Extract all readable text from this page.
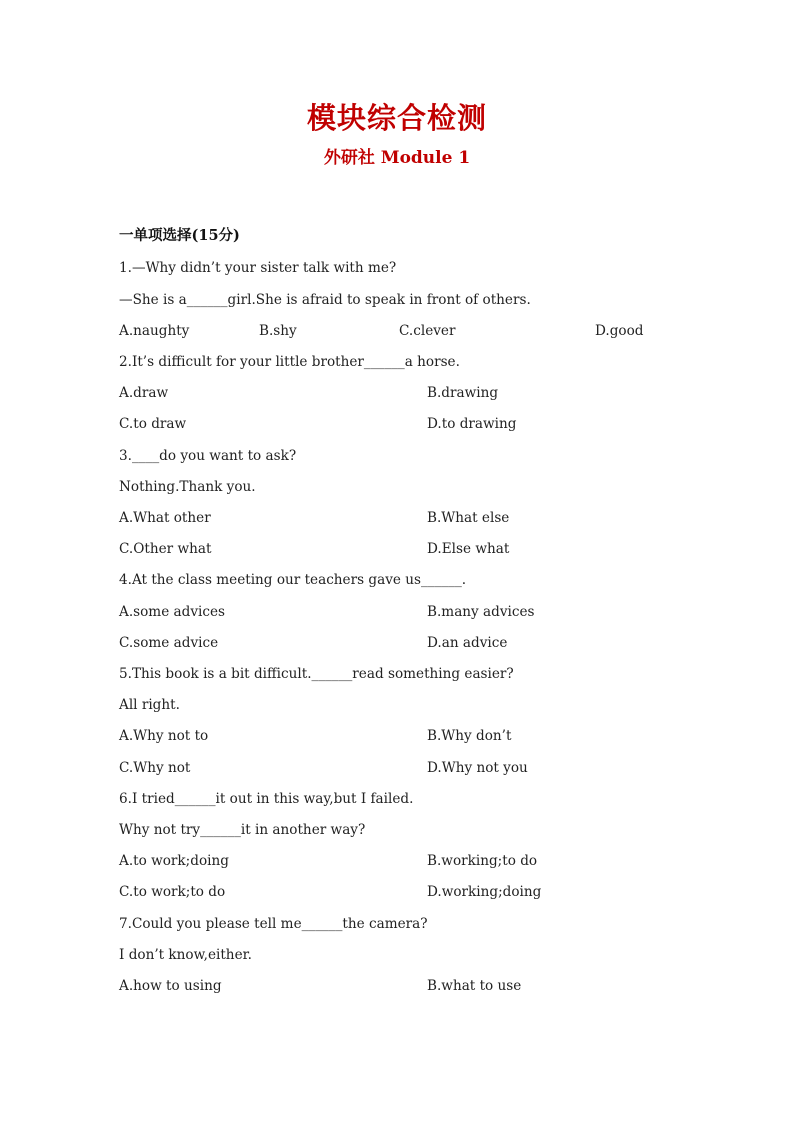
模块综合检测
外研社 Module 1
一单项选择(15分)
1.—Why didn’t your sister talk with me?
—She is a______girl.She is afraid to speak in front of others.
A.naughty	B.shy	C.clever	D.good
2.It’s difficult for your little brother______a horse.
A.draw	B.drawing
C.to draw	D.to drawing
3.____do you want to ask?
Nothing.Thank you.
A.What other	B.What else
C.Other what	D.Else what
4.At the class meeting our teachers gave us______.
A.some advices	B.many advices
C.some advice	D.an advice
5.This book is a bit difficult.______read something easier?
All right.
A.Why not to	B.Why don’t
C.Why not	D.Why not you
6.I tried______it out in this way,but I failed.
Why not try______it in another way?
A.to work;doing	B.working;to do
C.to work;to do	D.working;doing
7.Could you please tell me______the camera?
I don’t know,either.
A.how to using	B.what to use
